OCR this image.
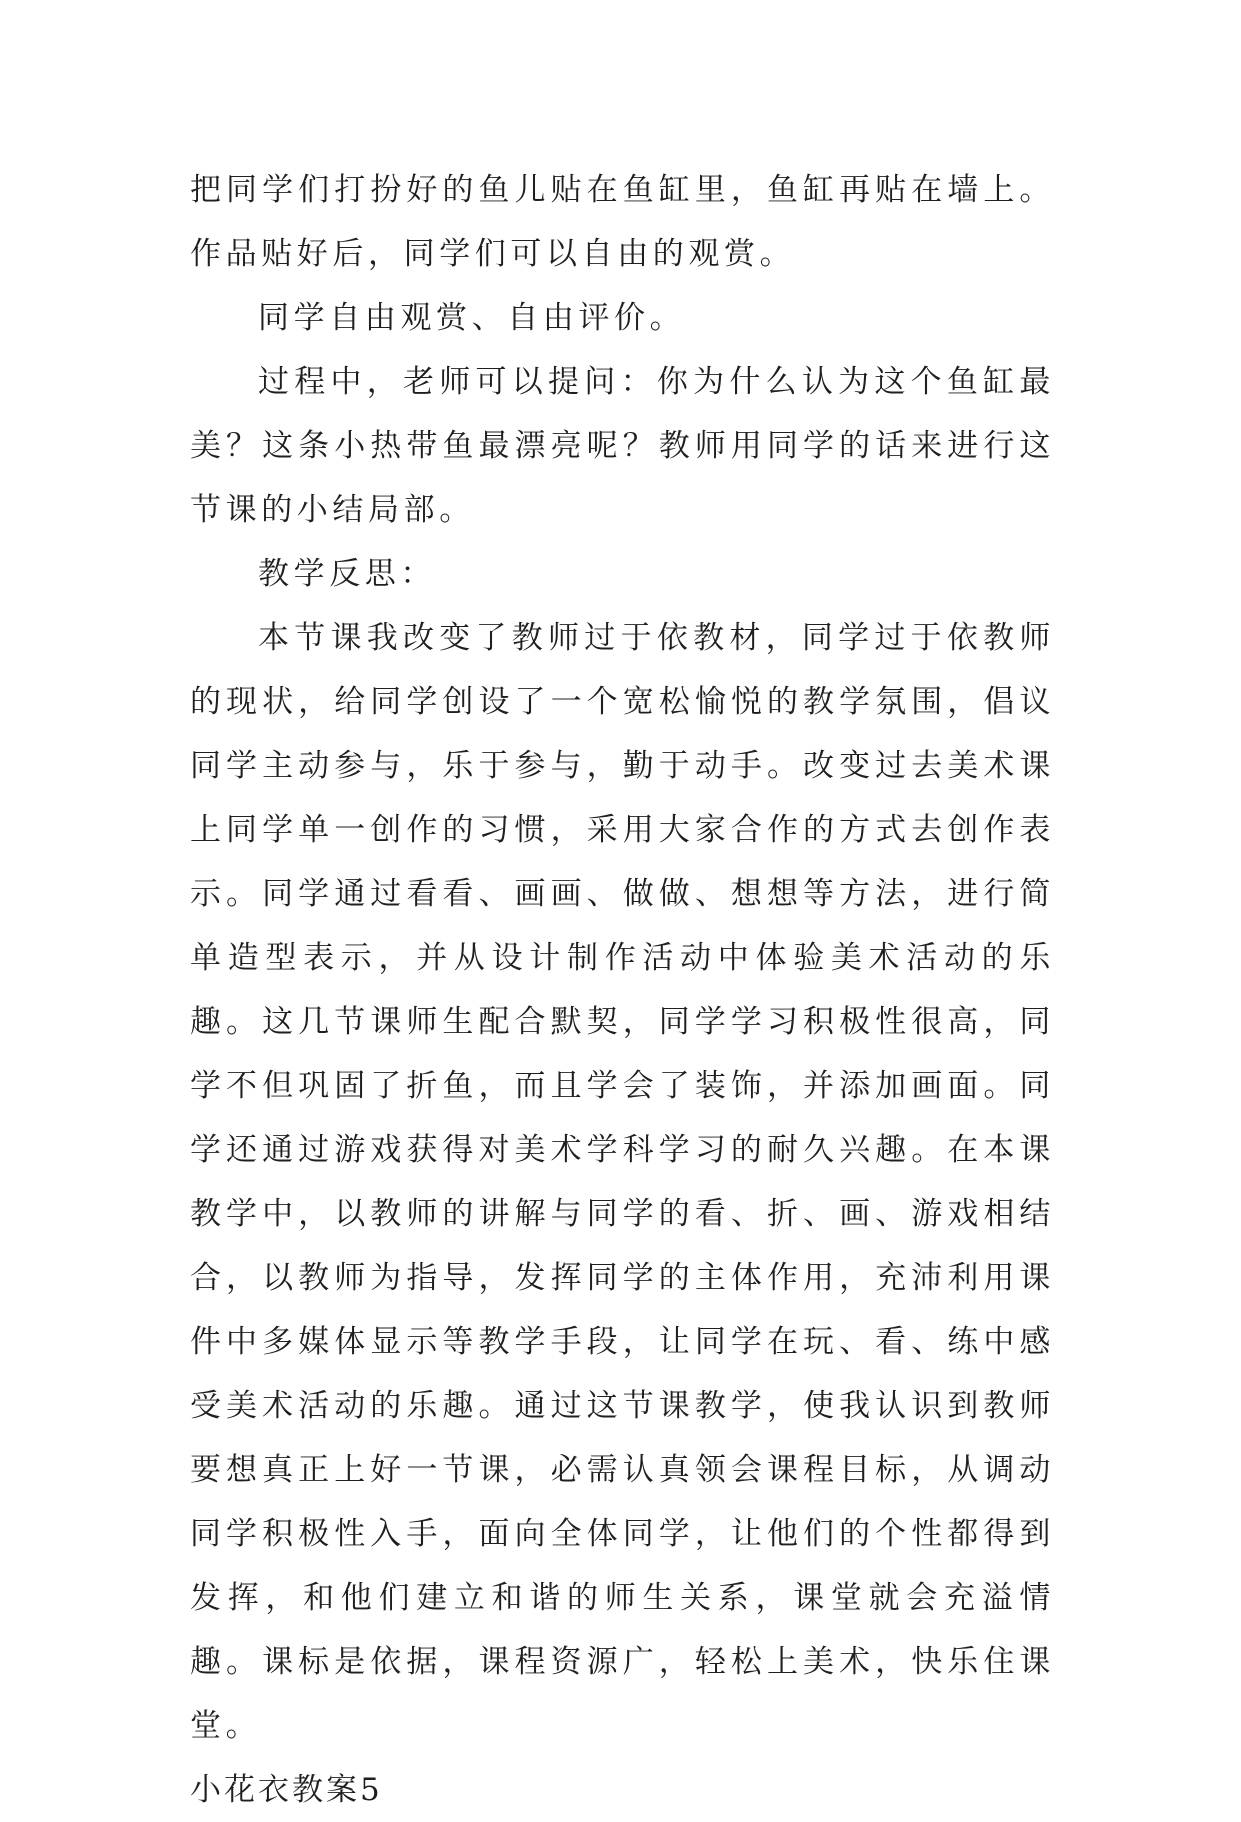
把同学们打扮好的鱼儿贴在鱼缸里，鱼缸再贴在墙上。作品贴好后，同学们可以自由的观赏。

同学自由观赏、自由评价。

过程中，老师可以提问：你为什么认为这个鱼缸最美？这条小热带鱼最漂亮呢？教师用同学的话来进行这节课的小结局部。

教学反思：

本节课我改变了教师过于依教材，同学过于依教师的现状，给同学创设了一个宽松愉悦的教学氛围，倡议同学主动参与，乐于参与，勤于动手。改变过去美术课上同学单一创作的习惯，采用大家合作的方式去创作表示。同学通过看看、画画、做做、想想等方法，进行简单造型表示，并从设计制作活动中体验美术活动的乐趣。这几节课师生配合默契，同学学习积极性很高，同学不但巩固了折鱼，而且学会了装饰，并添加画面。同学还通过游戏获得对美术学科学习的耐久兴趣。在本课教学中，以教师的讲解与同学的看、折、画、游戏相结合，以教师为指导，发挥同学的主体作用，充沛利用课件中多媒体显示等教学手段，让同学在玩、看、练中感受美术活动的乐趣。通过这节课教学，使我认识到教师要想真正上好一节课，必需认真领会课程目标，从调动同学积极性入手，面向全体同学，让他们的个性都得到发挥，和他们建立和谐的师生关系，课堂就会充溢情趣。课标是依据，课程资源广，轻松上美术，快乐住课堂。

小花衣教案5
